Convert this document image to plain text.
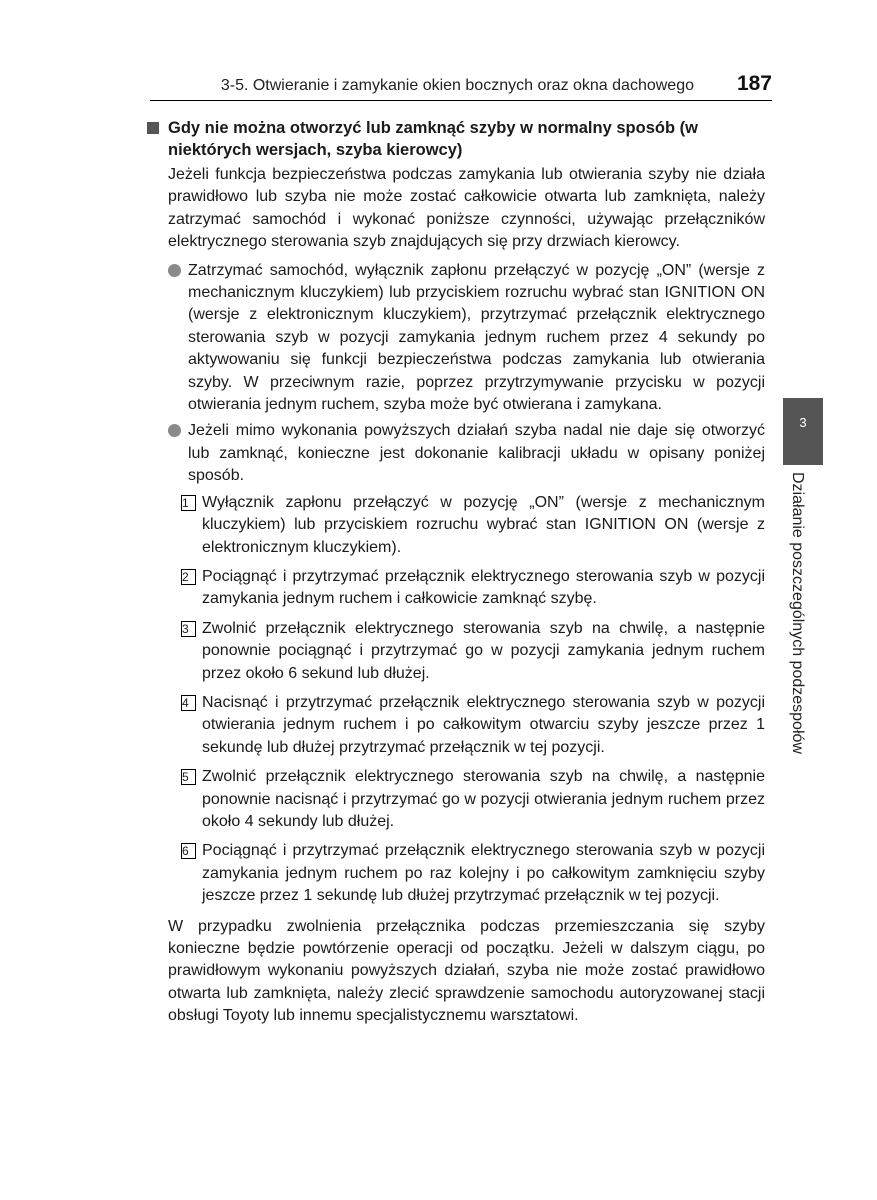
3-5. Otwieranie i zamykanie okien bocznych oraz okna dachowego 187
Gdy nie można otworzyć lub zamknąć szyby w normalny sposób (w niektórych wersjach, szyba kierowcy)

Jeżeli funkcja bezpieczeństwa podczas zamykania lub otwierania szyby nie działa prawidłowo lub szyba nie może zostać całkowicie otwarta lub zamknięta, należy zatrzymać samochód i wykonać poniższe czynności, używając przełączników elektrycznego sterowania szyb znajdujących się przy drzwiach kierowcy.

Zatrzymać samochód, wyłącznik zapłonu przełączyć w pozycję „ON” (wersje z mechanicznym kluczykiem) lub przyciskiem rozruchu wybrać stan IGNITION ON (wersje z elektronicznym kluczykiem), przytrzymać przełącznik elektrycznego sterowania szyb w pozycji zamykania jednym ruchem przez 4 sekundy po aktywowaniu się funkcji bezpieczeństwa podczas zamykania lub otwierania szyby. W przeciwnym razie, poprzez przytrzymywanie przycisku w pozycji otwierania jednym ruchem, szyba może być otwierana i zamykana.
Jeżeli mimo wykonania powyższych działań szyba nadal nie daje się otworzyć lub zamknąć, konieczne jest dokonanie kalibracji układu w opisany poniżej sposób.
1 Wyłącznik zapłonu przełączyć w pozycję „ON” (wersje z mechanicznym kluczykiem) lub przyciskiem rozruchu wybrać stan IGNITION ON (wersje z elektronicznym kluczykiem).
2 Pociągnąć i przytrzymać przełącznik elektrycznego sterowania szyb w pozycji zamykania jednym ruchem i całkowicie zamknąć szybę.
3 Zwolnić przełącznik elektrycznego sterowania szyb na chwilę, a następnie ponownie pociągnąć i przytrzymać go w pozycji zamykania jednym ruchem przez około 6 sekund lub dłużej.
4 Nacisnąć i przytrzymać przełącznik elektrycznego sterowania szyb w pozycji otwierania jednym ruchem i po całkowitym otwarciu szyby jeszcze przez 1 sekundę lub dłużej przytrzymać przełącznik w tej pozycji.
5 Zwolnić przełącznik elektrycznego sterowania szyb na chwilę, a następnie ponownie nacisnąć i przytrzymać go w pozycji otwierania jednym ruchem przez około 4 sekundy lub dłużej.
6 Pociągnąć i przytrzymać przełącznik elektrycznego sterowania szyb w pozycji zamykania jednym ruchem po raz kolejny i po całkowitym zamknięciu szyby jeszcze przez 1 sekundę lub dłużej przytrzymać przełącznik w tej pozycji.

W przypadku zwolnienia przełącznika podczas przemieszczania się szyby konieczne będzie powtórzenie operacji od początku. Jeżeli w dalszym ciągu, po prawidłowym wykonaniu powyższych działań, szyba nie może zostać prawidłowo otwarta lub zamknięta, należy zlecić sprawdzenie samochodu autoryzowanej stacji obsługi Toyoty lub innemu specjalistycznemu warsztatowi.

3
Działanie poszczególnych podzespołów
